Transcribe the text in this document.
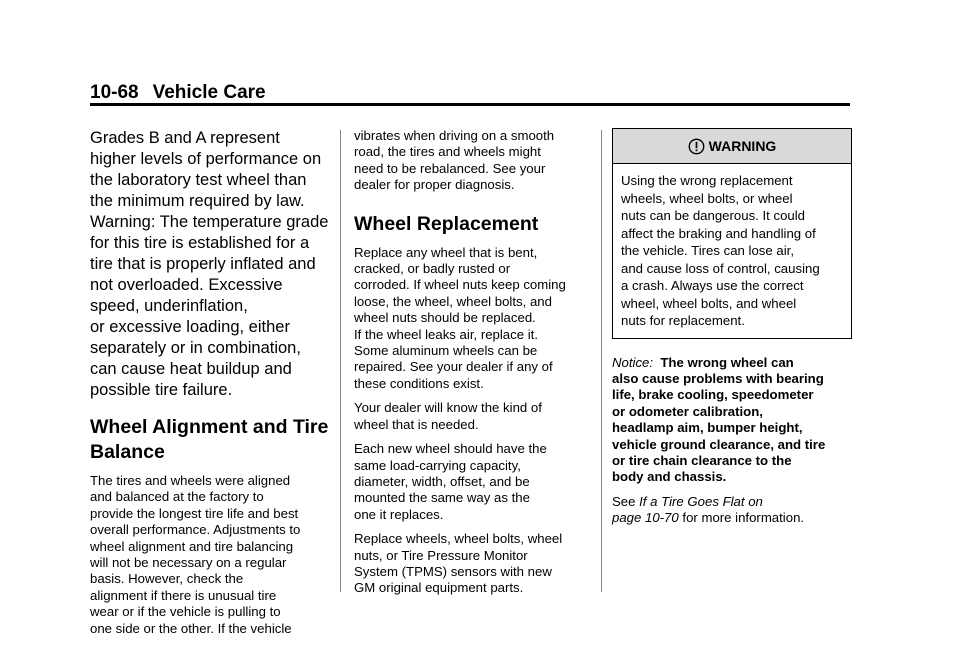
10-68 Vehicle Care
Grades B and A represent
higher levels of performance on
the laboratory test wheel than
the minimum required by law.
Warning: The temperature grade
for this tire is established for a
tire that is properly inflated and
not overloaded. Excessive
speed, underinflation,
or excessive loading, either
separately or in combination,
can cause heat buildup and
possible tire failure.
Wheel Alignment and Tire
Balance
The tires and wheels were aligned
and balanced at the factory to
provide the longest tire life and best
overall performance. Adjustments to
wheel alignment and tire balancing
will not be necessary on a regular
basis. However, check the
alignment if there is unusual tire
wear or if the vehicle is pulling to
one side or the other. If the vehicle
vibrates when driving on a smooth
road, the tires and wheels might
need to be rebalanced. See your
dealer for proper diagnosis.
Wheel Replacement
Replace any wheel that is bent,
cracked, or badly rusted or
corroded. If wheel nuts keep coming
loose, the wheel, wheel bolts, and
wheel nuts should be replaced.
If the wheel leaks air, replace it.
Some aluminum wheels can be
repaired. See your dealer if any of
these conditions exist.
Your dealer will know the kind of
wheel that is needed.
Each new wheel should have the
same load-carrying capacity,
diameter, width, offset, and be
mounted the same way as the
one it replaces.
Replace wheels, wheel bolts, wheel
nuts, or Tire Pressure Monitor
System (TPMS) sensors with new
GM original equipment parts.
WARNING
Using the wrong replacement
wheels, wheel bolts, or wheel
nuts can be dangerous. It could
affect the braking and handling of
the vehicle. Tires can lose air,
and cause loss of control, causing
a crash. Always use the correct
wheel, wheel bolts, and wheel
nuts for replacement.
Notice: The wrong wheel can
also cause problems with bearing
life, brake cooling, speedometer
or odometer calibration,
headlamp aim, bumper height,
vehicle ground clearance, and tire
or tire chain clearance to the
body and chassis.
See If a Tire Goes Flat on
page 10-70 for more information.
